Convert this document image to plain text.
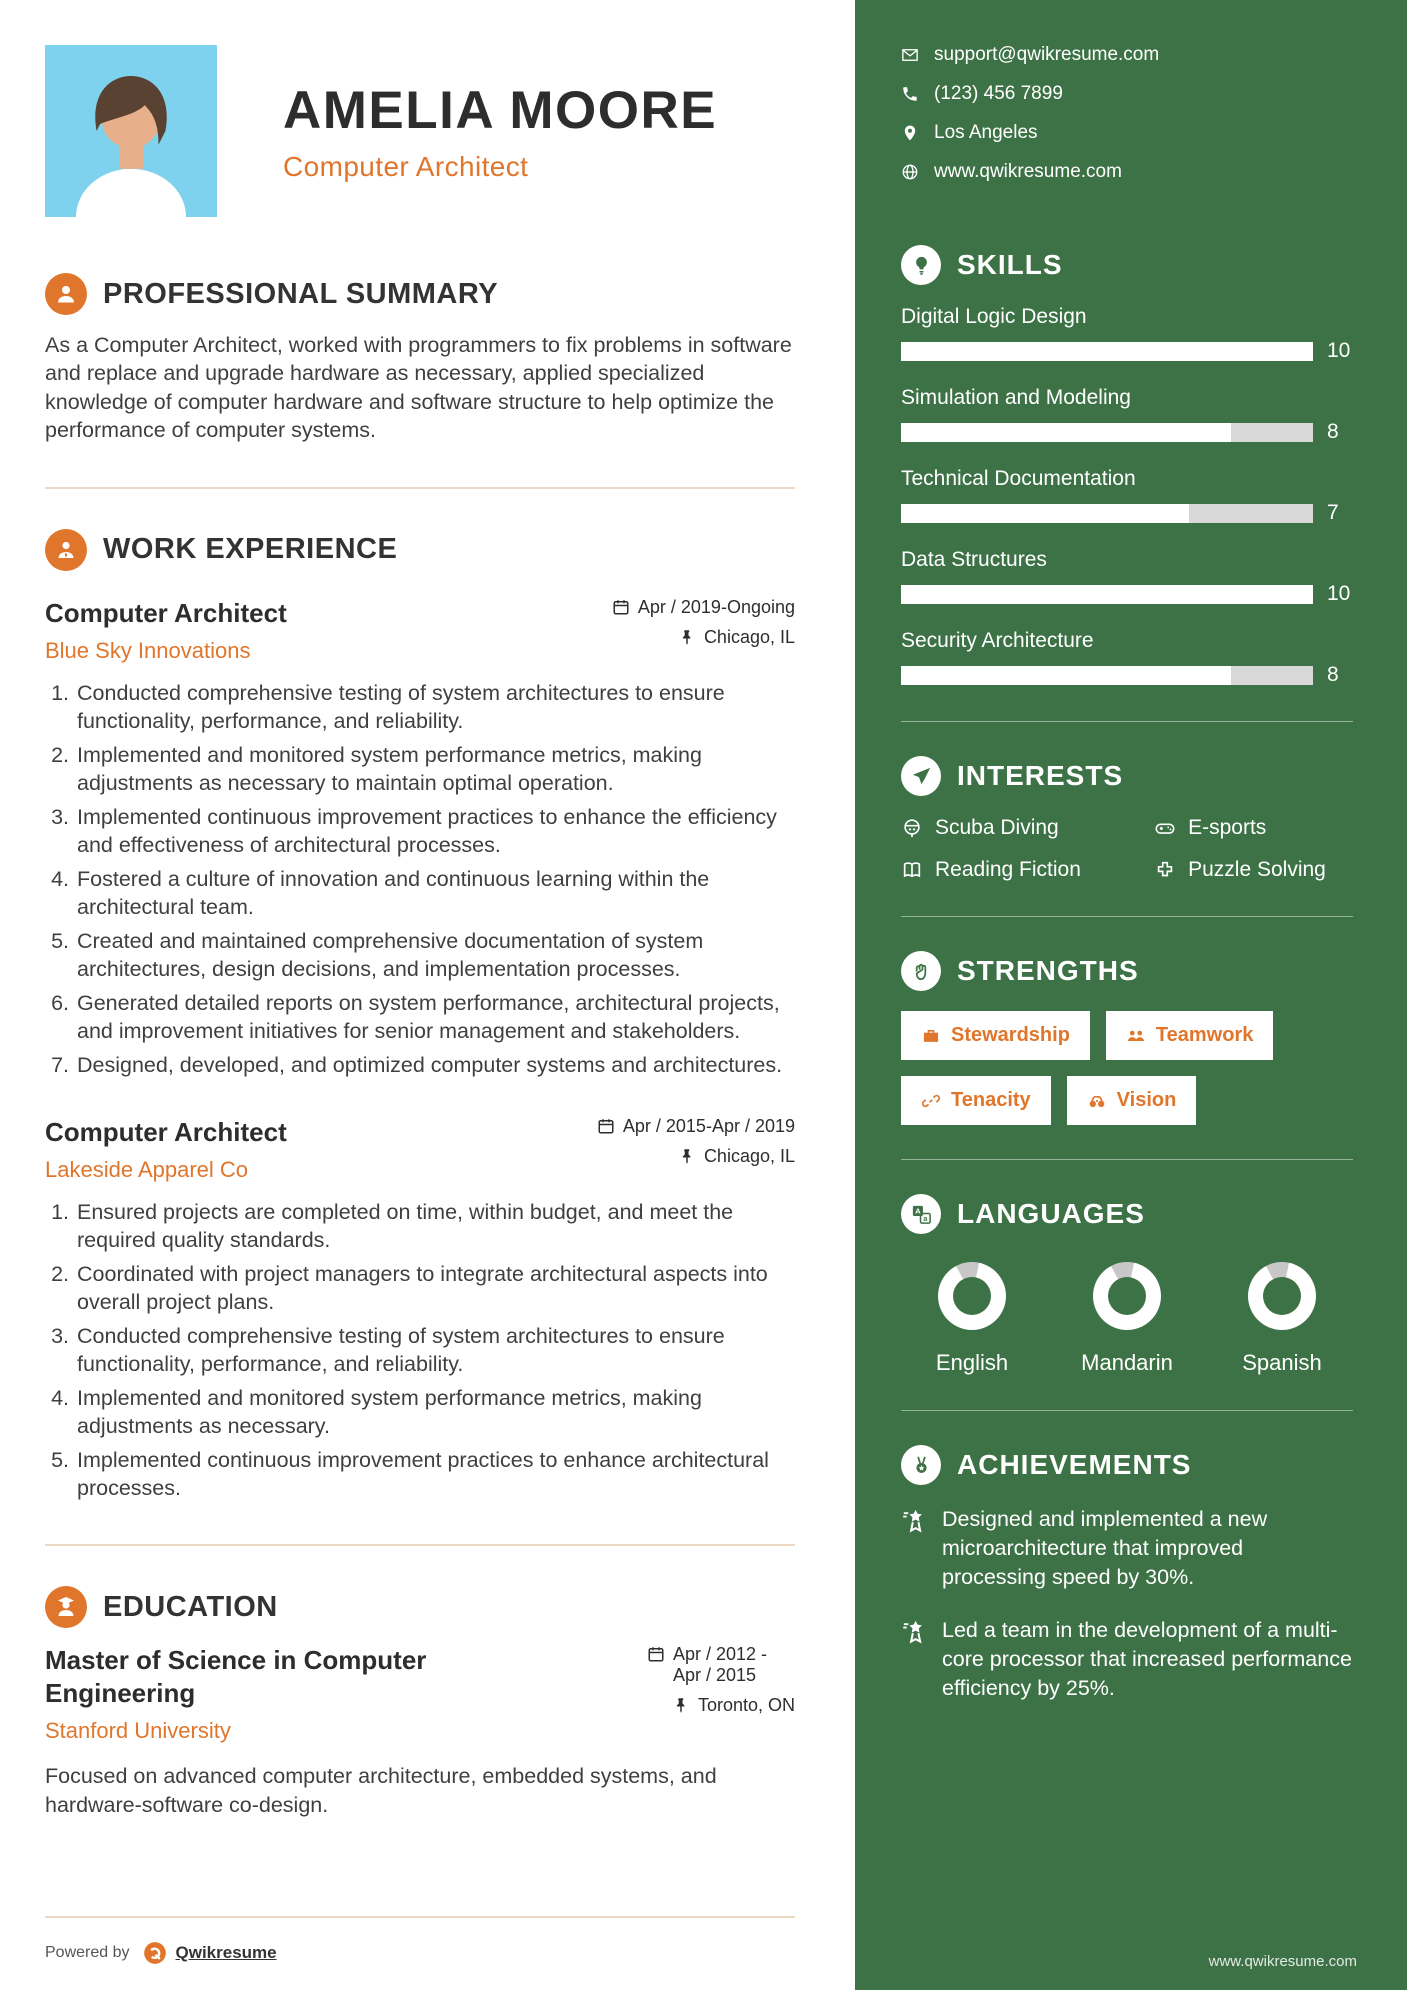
AMELIA MOORE
Computer Architect
PROFESSIONAL SUMMARY

As a Computer Architect, worked with programmers to fix problems in software and replace and upgrade hardware as necessary, applied specialized knowledge of computer hardware and software structure to help optimize the performance of computer systems.

WORK EXPERIENCE
Computer Architect
Blue Sky Innovations
Apr / 2019-Ongoing
Chicago, IL
1. Conducted comprehensive testing of system architectures to ensure functionality, performance, and reliability.
2. Implemented and monitored system performance metrics, making adjustments as necessary to maintain optimal operation.
3. Implemented continuous improvement practices to enhance the efficiency and effectiveness of architectural processes.
4. Fostered a culture of innovation and continuous learning within the architectural team.
5. Created and maintained comprehensive documentation of system architectures, design decisions, and implementation processes.
6. Generated detailed reports on system performance, architectural projects, and improvement initiatives for senior management and stakeholders.
7. Designed, developed, and optimized computer systems and architectures.
Computer Architect
Lakeside Apparel Co
Apr / 2015-Apr / 2019
Chicago, IL
1. Ensured projects are completed on time, within budget, and meet the required quality standards.
2. Coordinated with project managers to integrate architectural aspects into overall project plans.
3. Conducted comprehensive testing of system architectures to ensure functionality, performance, and reliability.
4. Implemented and monitored system performance metrics, making adjustments as necessary.
5. Implemented continuous improvement practices to enhance architectural processes.
EDUCATION
Master of Science in Computer Engineering
Stanford University
Apr / 2012 - Apr / 2015
Toronto, ON

Focused on advanced computer architecture, embedded systems, and hardware-software co-design.

Powered by	Qwikresume
support@qwikresume.com
(123) 456 7899
Los Angeles
www.qwikresume.com
SKILLS
Digital Logic Design
10
Simulation and Modeling
8
Technical Documentation
7
Data Structures
10
Security Architecture
8
INTERESTS
Scuba Diving	E-sports
Reading Fiction	Puzzle Solving
STRENGTHS
Stewardship	Teamwork
Tenacity	Vision
A
a LANGUAGES
English	Mandarin	Spanish
ACHIEVEMENTS
Designed and implemented a new microarchitecture that improved processing speed by 30%.
Led a team in the development of a multi-core processor that increased performance efficiency by 25%.
www.qwikresume.com
